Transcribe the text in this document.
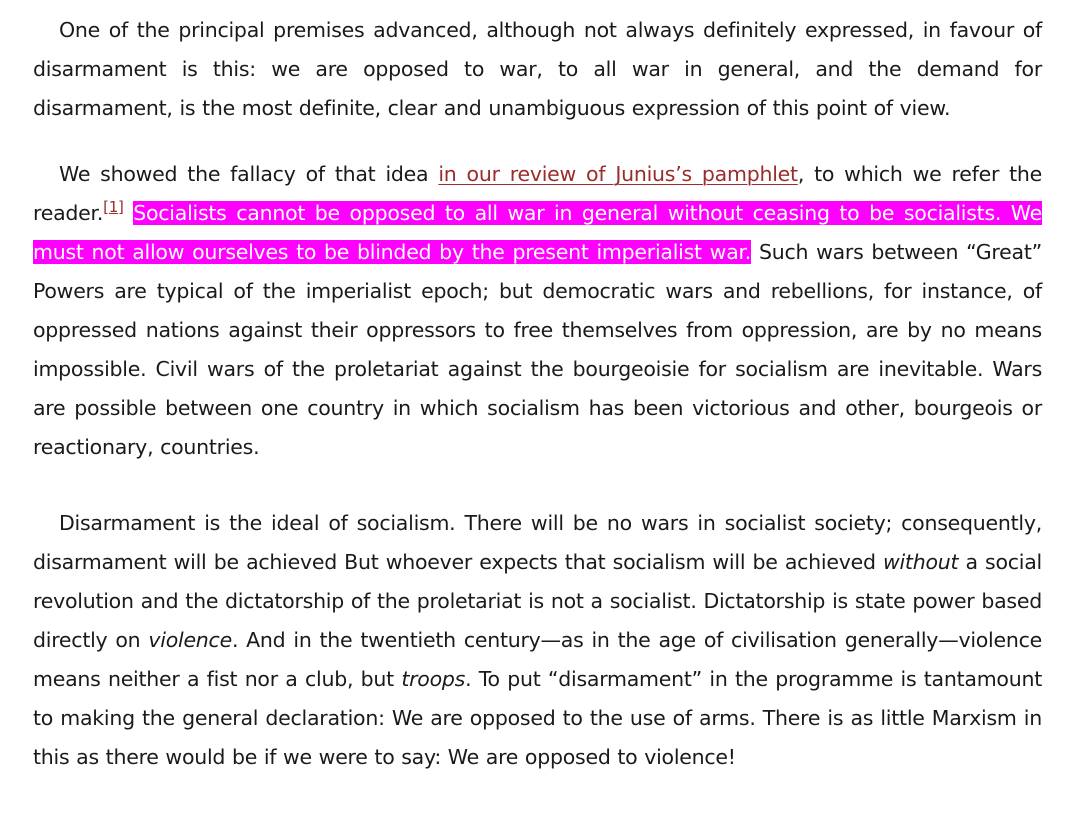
One of the principal premises advanced, although not always definitely expressed, in favour of disarmament is this: we are opposed to war, to all war in general, and the demand for disarmament, is the most definite, clear and unambiguous expression of this point of view.

We showed the fallacy of that idea in our review of Junius’s pamphlet, to which we refer the reader.[1] Socialists cannot be opposed to all war in general without ceasing to be socialists. We must not allow ourselves to be blinded by the present imperialist war. Such wars between “Great” Powers are typical of the imperialist epoch; but democratic wars and rebellions, for instance, of oppressed nations against their oppressors to free themselves from oppression, are by no means impossible. Civil wars of the proletariat against the bourgeoisie for socialism are inevitable. Wars are possible between one country in which socialism has been victorious and other, bourgeois or reactionary, countries.

Disarmament is the ideal of socialism. There will be no wars in socialist society; consequently, disarmament will be achieved But whoever expects that socialism will be achieved without a social revolution and the dictatorship of the proletariat is not a socialist. Dictatorship is state power based directly on violence. And in the twentieth century—as in the age of civilisation generally—violence means neither a fist nor a club, but troops. To put “disarmament” in the programme is tantamount to making the general declaration: We are opposed to the use of arms. There is as little Marxism in this as there would be if we were to say: We are opposed to violence!
